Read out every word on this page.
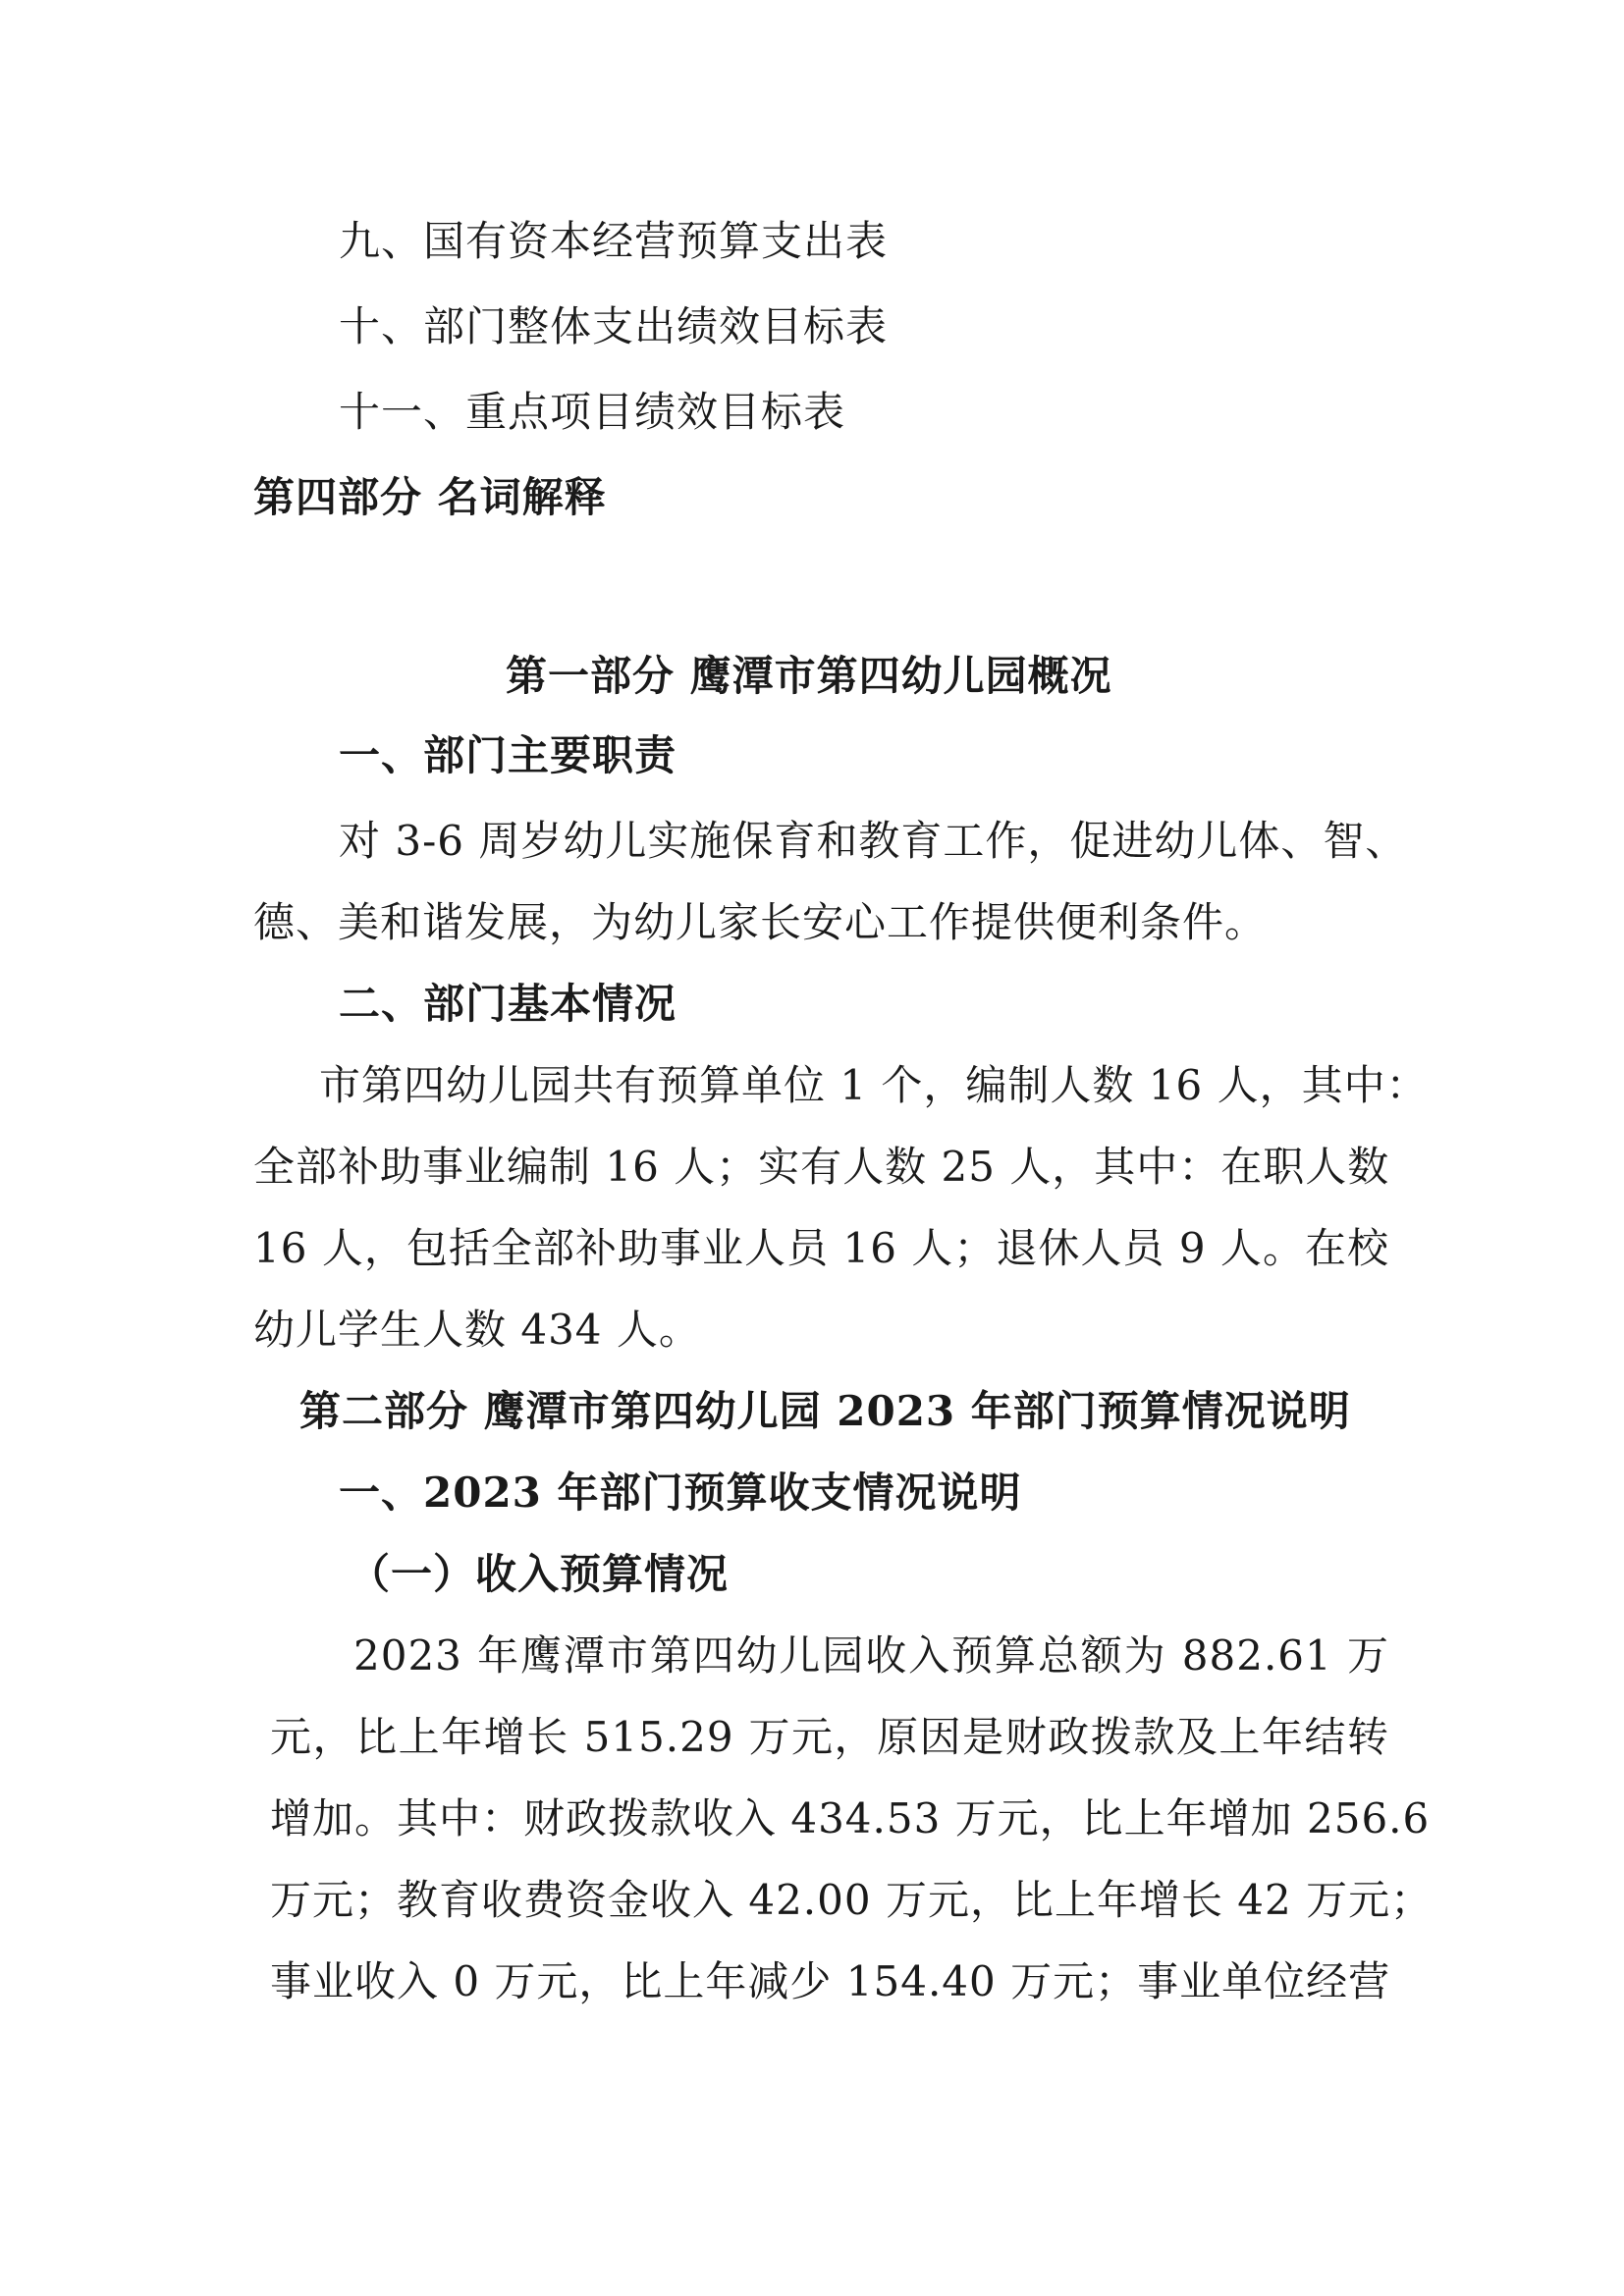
九、国有资本经营预算支出表
十、部门整体支出绩效目标表
十一、重点项目绩效目标表
第四部分 名词解释
第一部分 鹰潭市第四幼儿园概况
一、部门主要职责
对 3-6 周岁幼儿实施保育和教育工作，促进幼儿体、智、
德、美和谐发展，为幼儿家长安心工作提供便利条件。
二、部门基本情况
市第四幼儿园共有预算单位 1 个，编制人数 16 人，其中：
全部补助事业编制 16 人；实有人数 25 人，其中：在职人数
16 人，包括全部补助事业人员 16 人；退休人员 9 人。在校
幼儿学生人数 434 人。
第二部分 鹰潭市第四幼儿园 2023 年部门预算情况说明
一、2023 年部门预算收支情况说明
（一）收入预算情况
2023 年鹰潭市第四幼儿园收入预算总额为 882.61 万
元，比上年增长 515.29 万元，原因是财政拨款及上年结转
增加。其中：财政拨款收入 434.53 万元，比上年增加 256.6
万元；教育收费资金收入 42.00 万元，比上年增长 42 万元；
事业收入 0 万元，比上年减少 154.40 万元；事业单位经营
